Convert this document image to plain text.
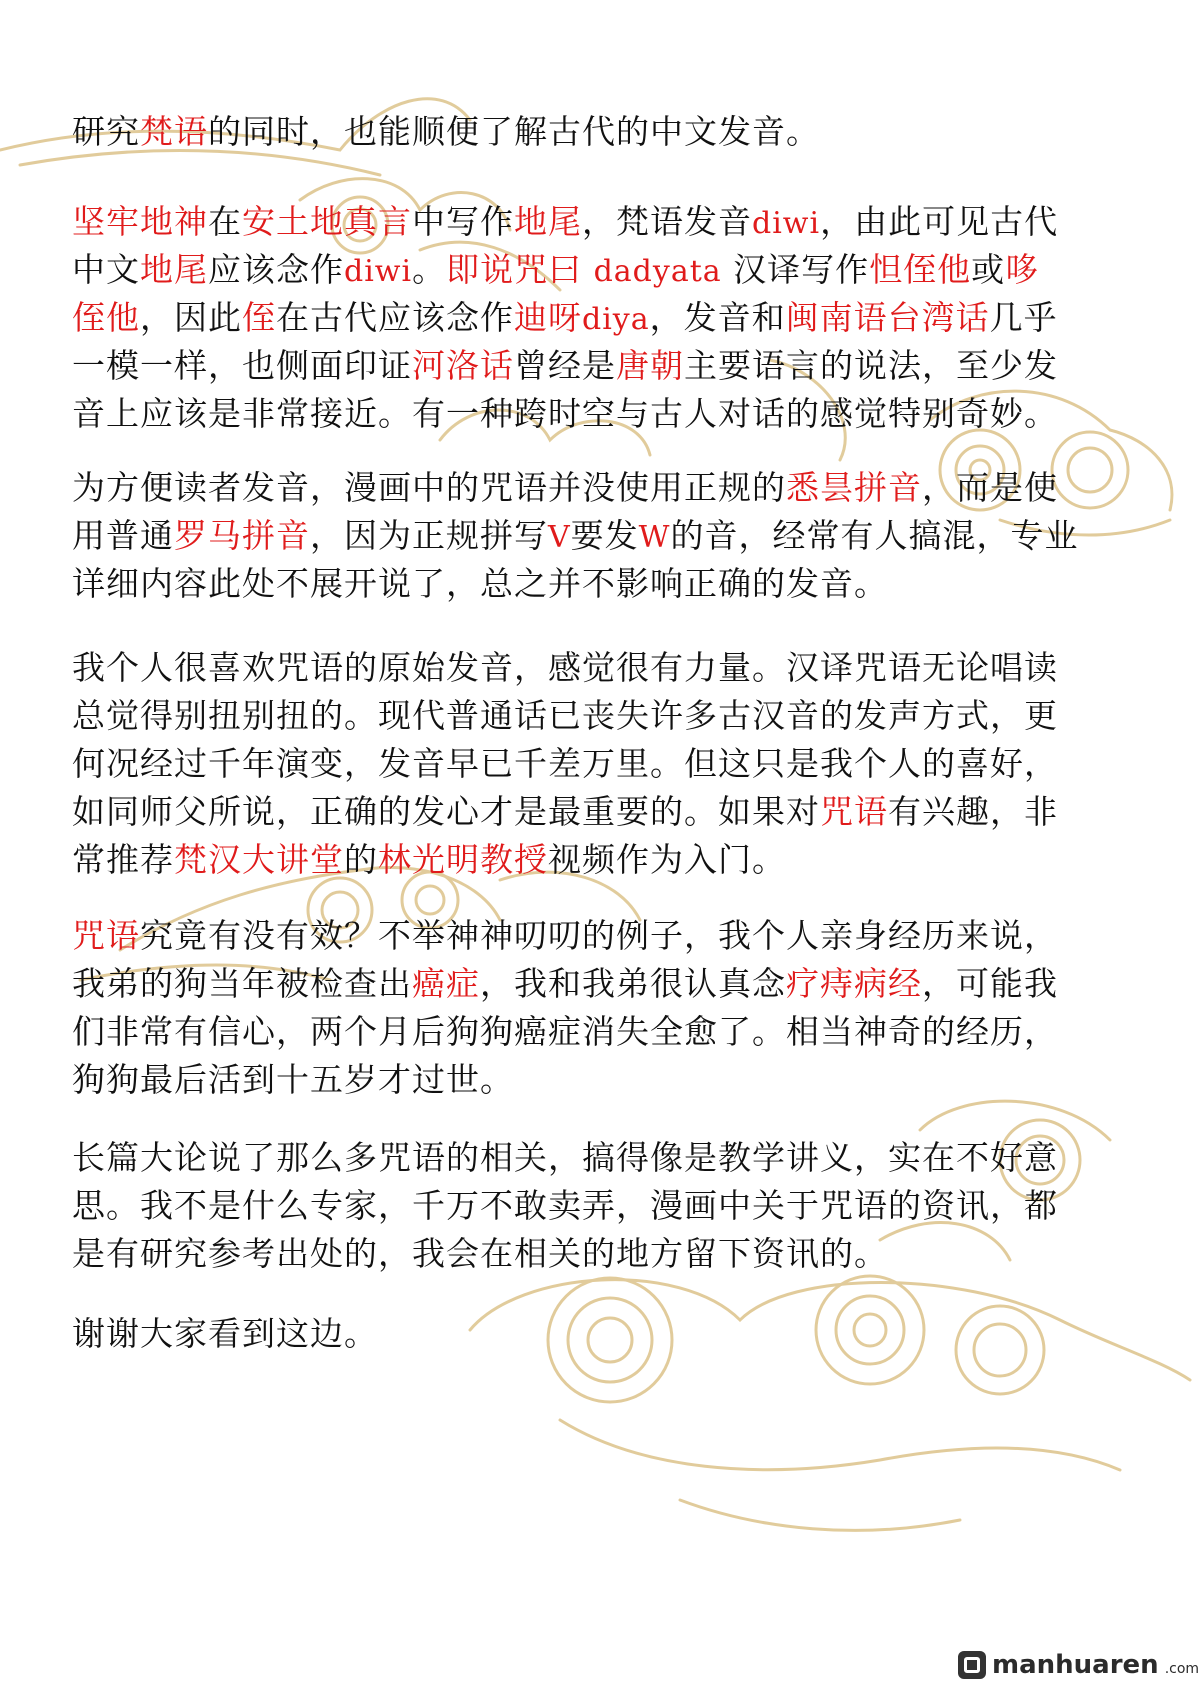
研究梵语的同时，也能顺便了解古代的中文发音。
坚牢地神在安土地真言中写作地尾，梵语发音diwi，由此可见古代
中文地尾应该念作diwi。即说咒曰 dadyata 汉译写作怛侄他或哆
侄他，因此侄在古代应该念作迪呀diya，发音和闽南语台湾话几乎
一模一样，也侧面印证河洛话曾经是唐朝主要语言的说法，至少发
音上应该是非常接近。有一种跨时空与古人对话的感觉特别奇妙。
为方便读者发音，漫画中的咒语并没使用正规的悉昙拼音，而是使
用普通罗马拼音，因为正规拼写V要发W的音，经常有人搞混，专业
详细内容此处不展开说了，总之并不影响正确的发音。
我个人很喜欢咒语的原始发音，感觉很有力量。汉译咒语无论唱读
总觉得别扭别扭的。现代普通话已丧失许多古汉音的发声方式，更
何况经过千年演变，发音早已千差万里。但这只是我个人的喜好，
如同师父所说，正确的发心才是最重要的。如果对咒语有兴趣，非
常推荐梵汉大讲堂的林光明教授视频作为入门。
咒语究竟有没有效？不举神神叨叨的例子，我个人亲身经历来说，
我弟的狗当年被检查出癌症，我和我弟很认真念疗痔病经，可能我
们非常有信心，两个月后狗狗癌症消失全愈了。相当神奇的经历，
狗狗最后活到十五岁才过世。
长篇大论说了那么多咒语的相关，搞得像是教学讲义，实在不好意
思。我不是什么专家，千万不敢卖弄，漫画中关于咒语的资讯，都
是有研究参考出处的，我会在相关的地方留下资讯的。
谢谢大家看到这边。
manhuaren .com
